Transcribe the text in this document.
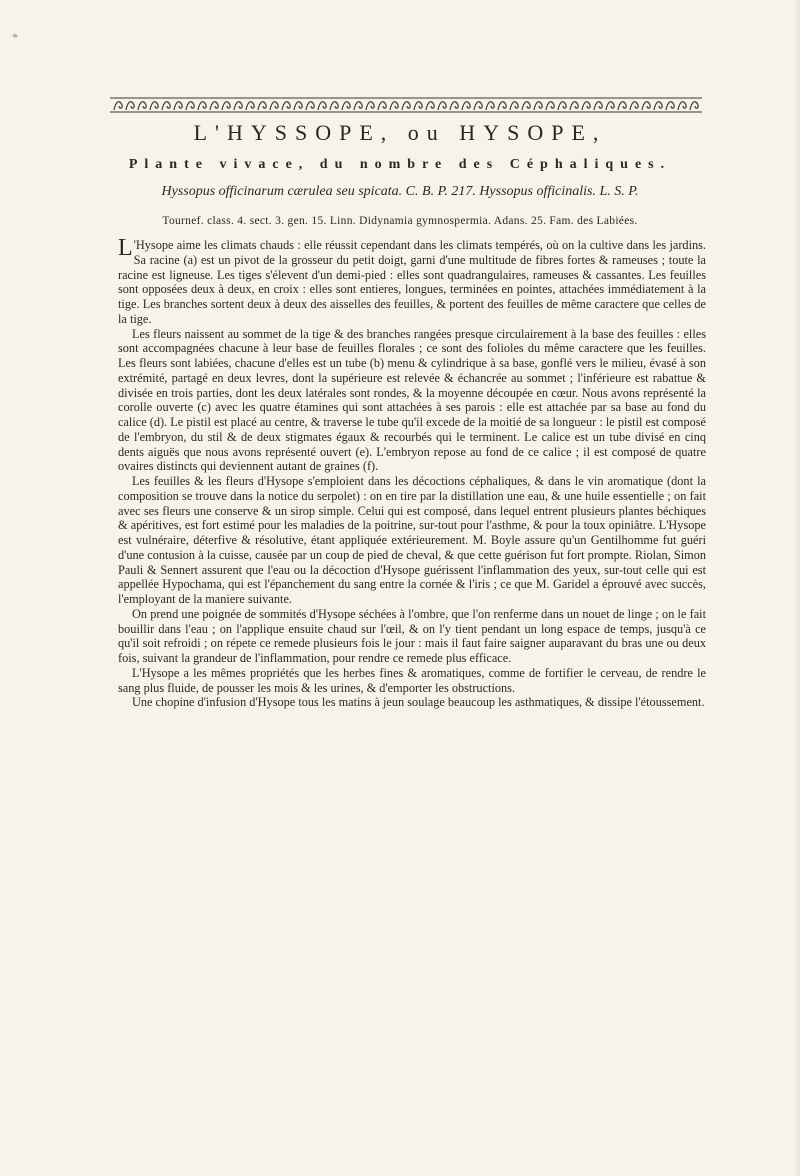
*
L'HYSSOPE, ou HYSOPE,
Plante vivace, du nombre des Céphaliques.
Hyssopus officinarum cærulea seu spicata. C. B. P. 217. Hyssopus officinalis. L. S. P.
Tournef. class. 4. sect. 3. gen. 15. Linn. Didynamia gymnospermia. Adans. 25. Fam. des Labiées.

L 'Hysope aime les climats chauds : elle réussit cependant dans les climats tempérés, où on la cultive dans les jardins. Sa racine (a) est un pivot de la grosseur du petit doigt, garni d'une multitude de fibres fortes & rameuses ; toute la racine est ligneuse. Les tiges s'élevent d'un demi-pied : elles sont quadrangulaires, rameuses & cassantes. Les feuilles sont opposées deux à deux, en croix : elles sont entieres, longues, terminées en pointes, attachées immédiatement à la tige. Les branches sortent deux à deux des aisselles des feuilles, & portent des feuilles de même caractere que celles de la tige.

Les fleurs naissent au sommet de la tige & des branches rangées presque circulairement à la base des feuilles : elles sont accompagnées chacune à leur base de feuilles florales ; ce sont des folioles du même caractere que les feuilles. Les fleurs sont labiées, chacune d'elles est un tube (b) menu & cylindrique à sa base, gonflé vers le milieu, évasé à son extrémité, partagé en deux levres, dont la supérieure est relevée & échancrée au sommet ; l'inférieure est rabattue & divisée en trois parties, dont les deux latérales sont rondes, & la moyenne découpée en cœur. Nous avons représenté la corolle ouverte (c) avec les quatre étamines qui sont attachées à ses parois : elle est attachée par sa base au fond du calice (d). Le pistil est placé au centre, & traverse le tube qu'il excede de la moitié de sa longueur : le pistil est composé de l'embryon, du stil & de deux stigmates égaux & recourbés qui le terminent. Le calice est un tube divisé en cinq dents aiguës que nous avons représenté ouvert (e). L'embryon repose au fond de ce calice ; il est composé de quatre ovaires distincts qui deviennent autant de graines (f).

Les feuilles & les fleurs d'Hysope s'emploient dans les décoctions céphaliques, & dans le vin aromatique (dont la composition se trouve dans la notice du serpolet) : on en tire par la distillation une eau, & une huile essentielle ; on fait avec ses fleurs une conserve & un sirop simple. Celui qui est composé, dans lequel entrent plusieurs plantes béchiques & apéritives, est fort estimé pour les maladies de la poitrine, sur-tout pour l'asthme, & pour la toux opiniâtre. L'Hysope est vulnéraire, déterfive & résolutive, étant appliquée extérieurement. M. Boyle assure qu'un Gentilhomme fut guéri d'une contusion à la cuisse, causée par un coup de pied de cheval, & que cette guérison fut fort prompte. Riolan, Simon Pauli & Sennert assurent que l'eau ou la décoction d'Hysope guérissent l'inflammation des yeux, sur-tout celle qui est appellée Hypochama, qui est l'épanchement du sang entre la cornée & l'iris ; ce que M. Garidel a éprouvé avec succès, l'employant de la maniere suivante.

On prend une poignée de sommités d'Hysope séchées à l'ombre, que l'on renferme dans un nouet de linge ; on le fait bouillir dans l'eau ; on l'applique ensuite chaud sur l'œil, & on l'y tient pendant un long espace de temps, jusqu'à ce qu'il soit refroidi ; on répete ce remede plusieurs fois le jour : mais il faut faire saigner auparavant du bras une ou deux fois, suivant la grandeur de l'inflammation, pour rendre ce remede plus efficace.

L'Hysope a les mêmes propriétés que les herbes fines & aromatiques, comme de fortifier le cerveau, de rendre le sang plus fluide, de pousser les mois & les urines, & d'emporter les obstructions.

Une chopine d'infusion d'Hysope tous les matins à jeun soulage beaucoup les asthmatiques, & dissipe l'étoussement.
